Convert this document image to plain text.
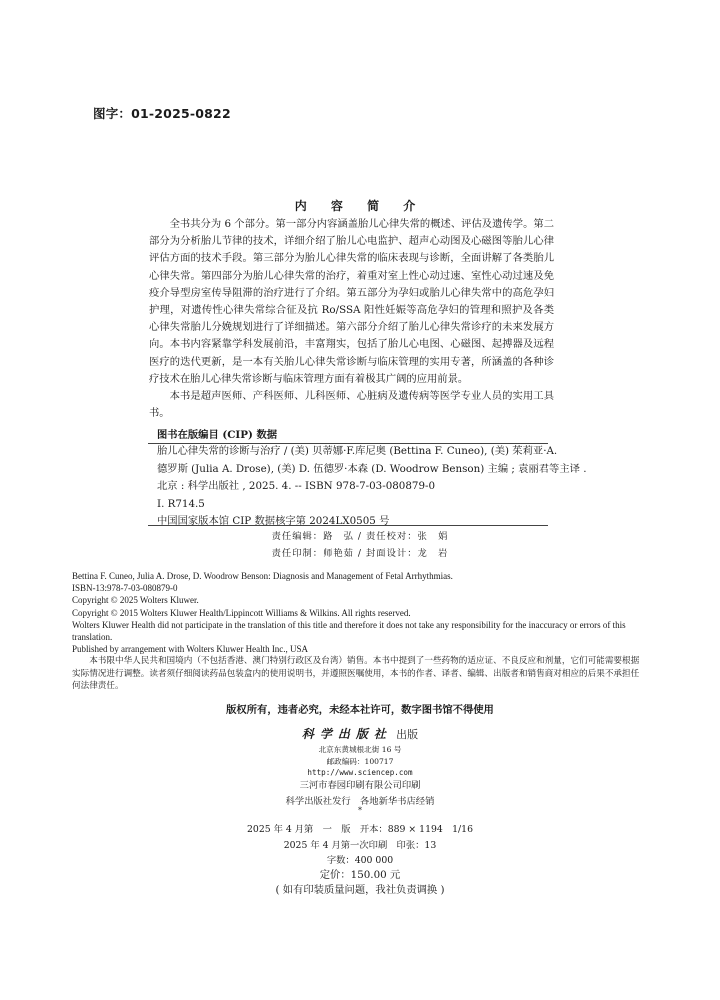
图字：01-2025-0822
内 容 简 介

全书共分为 6 个部分。第一部分内容涵盖胎儿心律失常的概述、评估及遗传学。第二部分为分析胎儿节律的技术，详细介绍了胎儿心电监护、超声心动图及心磁图等胎儿心律评估方面的技术手段。第三部分为胎儿心律失常的临床表现与诊断，全面讲解了各类胎儿心律失常。第四部分为胎儿心律失常的治疗，着重对室上性心动过速、室性心动过速及免疫介导型房室传导阻滞的治疗进行了介绍。第五部分为孕妇或胎儿心律失常中的高危孕妇护理，对遗传性心律失常综合征及抗 Ro/SSA 阳性妊娠等高危孕妇的管理和照护及各类心律失常胎儿分娩规划进行了详细描述。第六部分介绍了胎儿心律失常诊疗的未来发展方向。本书内容紧靠学科发展前沿，丰富翔实，包括了胎儿心电图、心磁图、起搏器及远程医疗的迭代更新，是一本有关胎儿心律失常诊断与临床管理的实用专著，所涵盖的各种诊疗技术在胎儿心律失常诊断与临床管理方面有着极其广阔的应用前景。

本书是超声医师、产科医师、儿科医师、心脏病及遗传病等医学专业人员的实用工具书。

图书在版编目 (CIP) 数据
胎儿心律失常的诊断与治疗 / (美) 贝蒂娜·F.库尼奥 (Bettina F. Cuneo), (美) 茱莉亚·A.
德罗斯 (Julia A. Drose), (美) D. 伍德罗·本森 (D. Woodrow Benson) 主编 ; 袁丽君等主译 .
北京 : 科学出版社 , 2025. 4. -- ISBN 978-7-03-080879-0
Ⅰ. R714.5
中国国家版本馆 CIP 数据核字第 2024LX0505 号
责任编辑：路　弘 / 责任校对：张　娟
责任印制：师艳茹 / 封面设计：龙　岩
Bettina F. Cuneo, Julia A. Drose, D. Woodrow Benson: Diagnosis and Management of Fetal Arrhythmias.
ISBN-13:978-7-03-080879-0
Copyright © 2025 Wolters Kluwer.
Copyright © 2015 Wolters Kluwer Health/Lippincott Williams & Wilkins. All rights reserved.
Wolters Kluwer Health did not participate in the translation of this title and therefore it does not take any responsibility for the inaccuracy or errors of this translation.
Published by arrangement with Wolters Kluwer Health Inc., USA
本书限中华人民共和国境内（不包括香港、澳门特别行政区及台湾）销售。本书中提到了一些药物的适应证、不良反应和剂量，它们可能需要根据实际情况进行调整。读者须仔细阅读药品包装盒内的使用说明书，并遵照医嘱使用，本书的作者、译者、编辑、出版者和销售商对相应的后果不承担任何法律责任。
版权所有，违者必究，未经本社许可，数字图书馆不得使用
科学出版社 出版
北京东黄城根北街 16 号
邮政编码：100717
http://www.sciencep.com
三河市春园印刷有限公司印刷
科学出版社发行　各地新华书店经销
*
2025 年 4 月第　一　版　开本：889 × 1194　1/16
2025 年 4 月第一次印刷　印张：13
字数：400 000
定价：150.00 元
( 如有印装质量问题，我社负责调换 )
